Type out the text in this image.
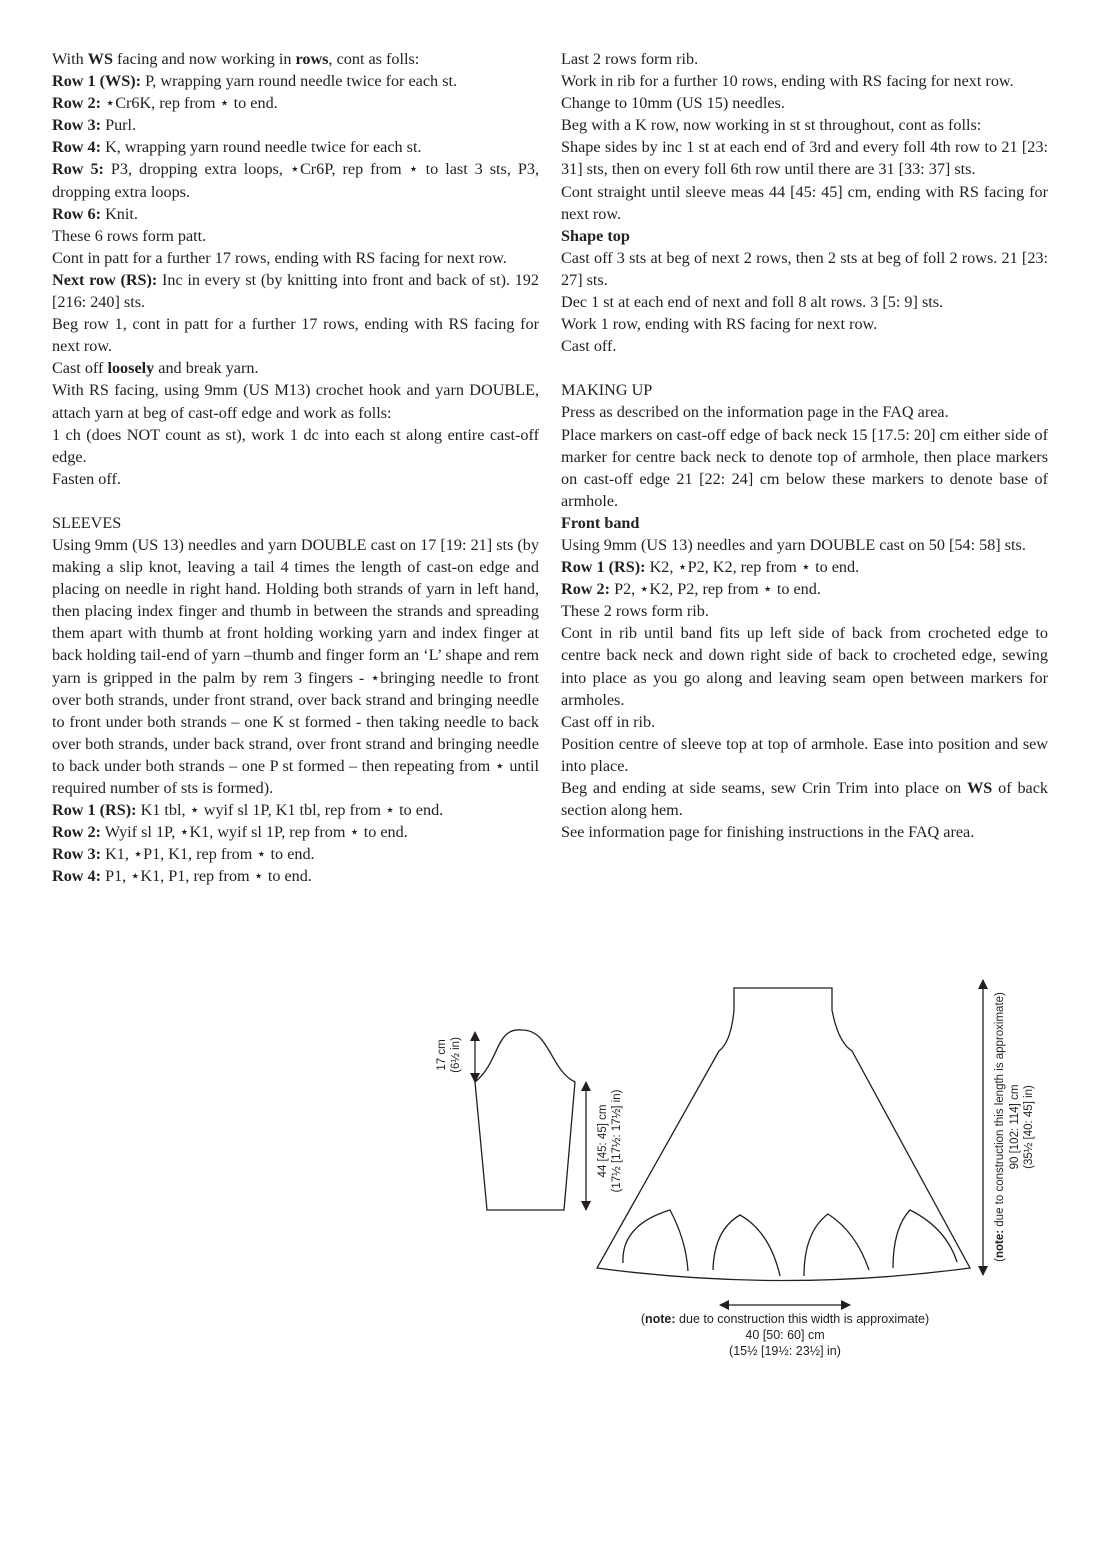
With WS facing and now working in rows, cont as folls:

Row 1 (WS): P, wrapping yarn round needle twice for each st.

Row 2: ⋆Cr6K, rep from ⋆ to end.

Row 3: Purl.

Row 4: K, wrapping yarn round needle twice for each st.

Row 5: P3, dropping extra loops, ⋆Cr6P, rep from ⋆ to last 3 sts, P3, dropping extra loops.

Row 6: Knit.

These 6 rows form patt.

Cont in patt for a further 17 rows, ending with RS facing for next row.

Next row (RS): Inc in every st (by knitting into front and back of st). 192 [216: 240] sts.

Beg row 1, cont in patt for a further 17 rows, ending with RS facing for next row.

Cast off loosely and break yarn.

With RS facing, using 9mm (US M13) crochet hook and yarn DOUBLE, attach yarn at beg of cast-off edge and work as folls:

1 ch (does NOT count as st), work 1 dc into each st along entire cast-off edge.

Fasten off.

SLEEVES

Using 9mm (US 13) needles and yarn DOUBLE cast on 17 [19: 21] sts (by making a slip knot, leaving a tail 4 times the length of cast-on edge and placing on needle in right hand. Holding both strands of yarn in left hand, then placing index finger and thumb in between the strands and spreading them apart with thumb at front holding working yarn and index finger at back holding tail-end of yarn –thumb and finger form an ‘L’ shape and rem yarn is gripped in the palm by rem 3 fingers - ⋆bringing needle to front over both strands, under front strand, over back strand and bringing needle to front under both strands – one K st formed - then taking needle to back over both strands, under back strand, over front strand and bringing needle to back under both strands – one P st formed – then repeating from ⋆ until required number of sts is formed).

Row 1 (RS): K1 tbl, ⋆ wyif sl 1P, K1 tbl, rep from ⋆ to end.

Row 2: Wyif sl 1P, ⋆K1, wyif sl 1P, rep from ⋆ to end.

Row 3: K1, ⋆P1, K1, rep from ⋆ to end.

Row 4: P1, ⋆K1, P1, rep from ⋆ to end.

Last 2 rows form rib.

Work in rib for a further 10 rows, ending with RS facing for next row.

Change to 10mm (US 15) needles.

Beg with a K row, now working in st st throughout, cont as folls:

Shape sides by inc 1 st at each end of 3rd and every foll 4th row to 21 [23: 31] sts, then on every foll 6th row until there are 31 [33: 37] sts.

Cont straight until sleeve meas 44 [45: 45] cm, ending with RS facing for next row.

Shape top

Cast off 3 sts at beg of next 2 rows, then 2 sts at beg of foll 2 rows. 21 [23: 27] sts.

Dec 1 st at each end of next and foll 8 alt rows. 3 [5: 9] sts.

Work 1 row, ending with RS facing for next row.

Cast off.

MAKING UP

Press as described on the information page in the FAQ area.

Place markers on cast-off edge of back neck 15 [17.5: 20] cm either side of marker for centre back neck to denote top of armhole, then place markers on cast-off edge 21 [22: 24] cm below these markers to denote base of armhole.

Front band

Using 9mm (US 13) needles and yarn DOUBLE cast on 50 [54: 58] sts.

Row 1 (RS): K2, ⋆P2, K2, rep from ⋆ to end.

Row 2: P2, ⋆K2, P2, rep from ⋆ to end.

These 2 rows form rib.

Cont in rib until band fits up left side of back from crocheted edge to centre back neck and down right side of back to crocheted edge, sewing into place as you go along and leaving seam open between markers for armholes.

Cast off in rib.

Position centre of sleeve top at top of armhole. Ease into position and sew into place.

Beg and ending at side seams, sew Crin Trim into place on WS of back section along hem.

See information page for finishing instructions in the FAQ area.

17 cm (6½ in)
44 [45: 45] cm (17½ [17½: 17½] in)
(note: due to construction this length is approximate) 90 [102: 114] cm (35½ [40: 45] in)
(note: due to construction this width is approximate)
40 [50: 60] cm
(15½ [19½: 23½] in)
